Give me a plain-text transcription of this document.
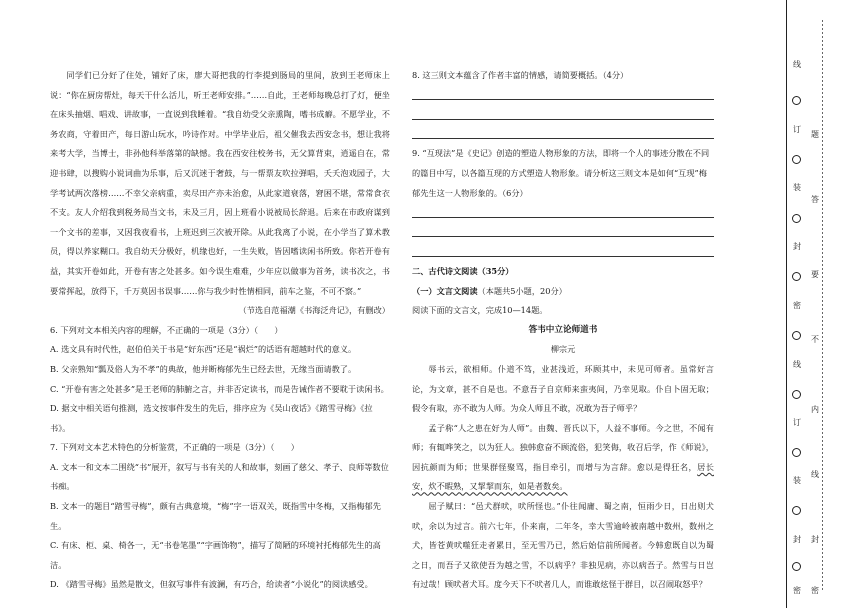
同学们已分好了住处，铺好了床，廖大哥把我的行李提到肠局的里间，放到王老师床上说：“你在厨房帮灶，每天干什么活儿，听王老师安排。”……自此，王老师每晚总打了灯，便坐在床头抽烟、唱戏、讲故事，一直说到我睡着。“我自幼受父亲熏陶，嗜书成癖。不愿学业，不务农商，守着田产，每日游山玩水，吟诗作对。中学毕业后，祖父催我去西安念书，想让我将来考大学，当博士，非孙他科举落第的缺憾。我在西安往校务书，无父算背束，逍遥自在，常迎书肆，以搜购小说词曲为乐事，后又沉迷于奢鼓，与一帮票友吹拉弹唱，夭夭泡戏园子，大学考试两次落榜……不幸父亲病重，卖尽田产亦未治愈，从此家道衰落，窘困不堪，常常食衣不支。友人介绍我到税务局当文书，未及三月，因上班看小说被局长辞退。后来在市政府谋到一个文书的差事，又因我夜看书，上班迟到三次被开除。从此我离了小说，在小学当了算术教员，得以养家糊口。我自幼天分极好，机缘也好，一生失败，皆因嗜读闲书所致。你若开卷有益，其实开卷如此，开卷有害之处甚多。如今误生难难，少年应以做事为首务，读书次之，书要常挥起，放得下，千万莫因书误事……你与我少时性情相同，前车之鉴，不可不察。”

（节选自范福潮《书海泛舟记》，有删改）

6. 下列对文本相关内容的理解，不正确的一项是（3分）（　　）

A. 选文具有时代性，赵伯伯关于书是“好东西”还是“祸烂”的话语有超越时代的意义。

B. 父亲熟知“瓢及俗人为不孝”的典故，他并断梅郁先生已经去世，无缘当面请教了。

C. “开卷有害之处甚多”是王老师的肺腑之言，并非否定读书，而是告诫作者不要耽于读闲书。

D. 据文中相关语句推测，选文按事件发生的先后，排序应为《吴山夜话》《踏雪寻梅》《拉书》。

7. 下列对文本艺术特色的分析鉴赏，不正确的一项是（3分）（　　）

A. 文本一和文本二围绕“书”展开，叙写与书有关的人和故事，刻画了慈父、孝子、良师等数位书痴。

B. 文本一的题目“踏雪寻梅”，颇有古典意境，“梅”字一语双关，既指雪中冬梅，又指梅郁先生。

C. 有床、柜、桌、椅各一，无“书卷笔墨”“字画饰物”，描写了简陋的环境衬托梅郁先生的高洁。

D. 《踏雪寻梅》虽然是散文，但叙写事件有波澜，有巧合，给读者“小说化”的阅读感受。

8. 这三则文本蕴含了作者丰富的情感，请简要概括。（4分）

9. “互现法”是《史记》创造的塑造人物形象的方法，即将一个人的事迹分散在不同的篇目中写，以各篇互现的方式塑造人物形象。请分析这三则文本是如何“互现”梅郁先生这一人物形象的。（6分）

二、古代诗文阅读（35分）

（一）文言文阅读（本题共5小题，20分）

阅读下面的文言文，完成10—14题。

答韦中立论师道书

柳宗元

辱书云，欲相师。仆道不笃，业甚浅近，环顾其中，未见可师者。虽常好言论，为文章，甚不自是也。不意吾子自京师来蛮夷间，乃幸见取。仆自卜固无取；假令有取，亦不敢为人师。为众人师且不敢，况敢为吾子师乎？

孟子称“人之患在好为人师”。由魏、晋氏以下，人益不事师。今之世，不闻有师；有辄哗笑之，以为狂人。独韩愈奋不顾流俗，犯笑侮，收召后学，作《师说》，因抗颜而为师；世果群怪聚骂，指目牵引，而增与为言辞。愈以是得狂名，居长安，炊不暇熟，又挈挈而东，如是者数矣。

屈子赋曰：“邑犬群吠，吠所怪也。”仆往闻庸、蜀之南，恒雨少日，日出则犬吠，余以为过言。前六七年，仆来南，二年冬，幸大雪逾岭被南越中数州，数州之犬，皆苍黄吠噬狂走者累日，至无雪乃已，然后始信前所闻者。今韩愈既自以为蜀之日，而吾子又欲使吾为越之雪，不以病乎？非独见病，亦以病吾子。然雪与日岂有过哉！顾吠者犬耳。度今天下不吠者几人，而谁敢炫怪于群目，以召闹取怒乎？

线
订
装
封
密
线
订
装
封
密
题
答
要
不
内
线
封
密
